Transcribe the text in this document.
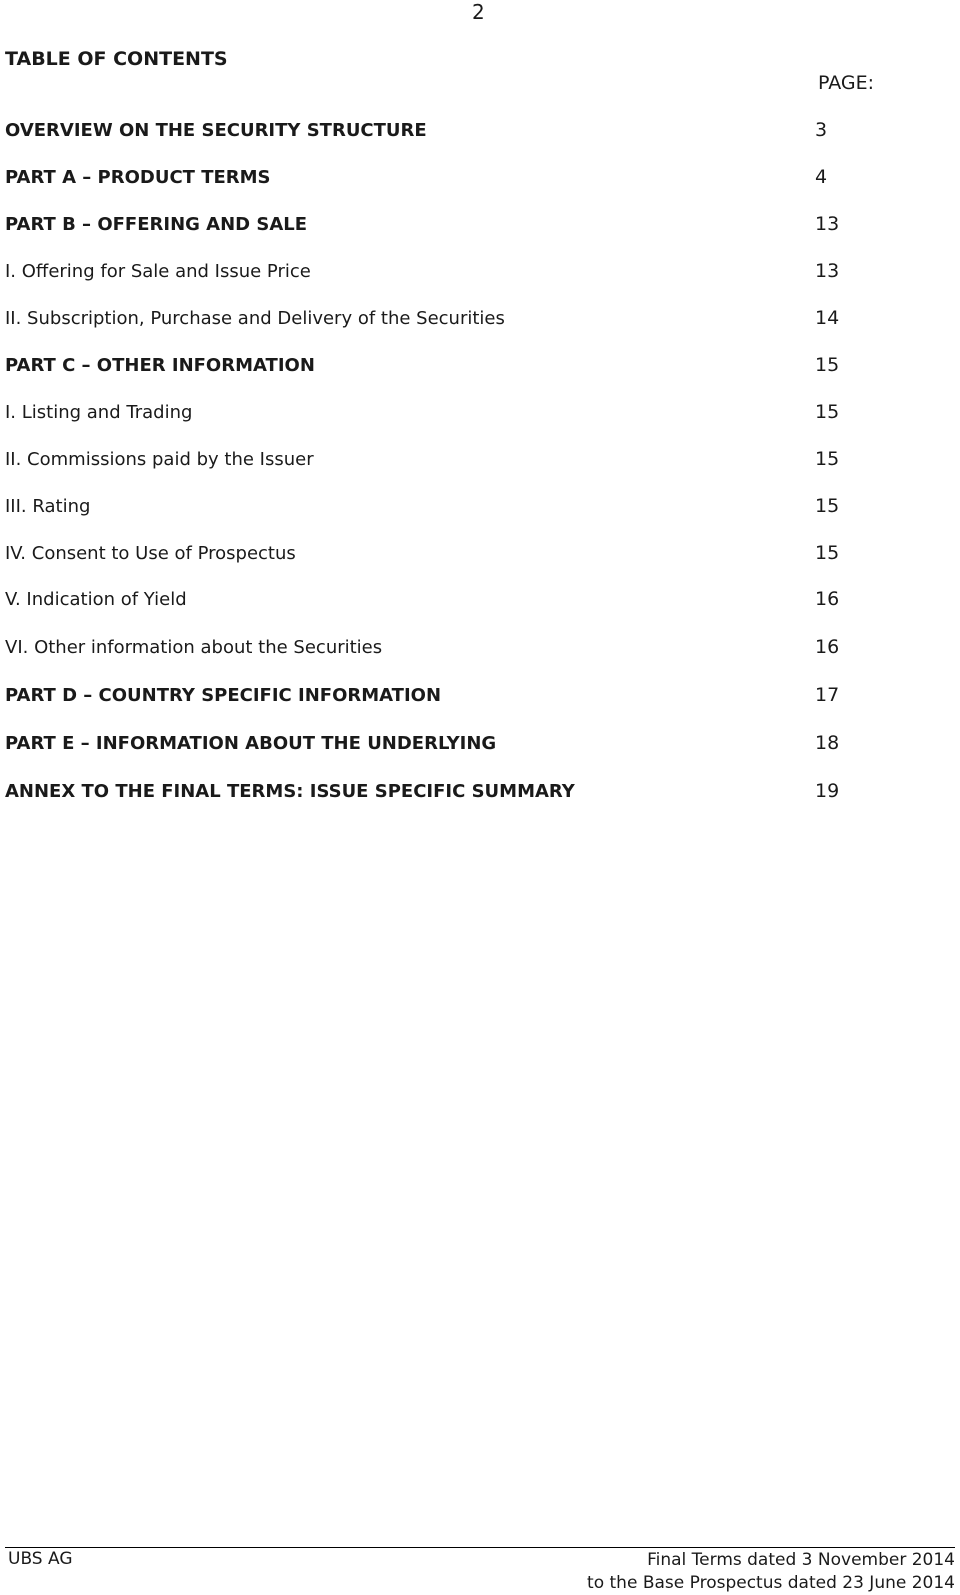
2
TABLE OF CONTENTS
PAGE:
OVERVIEW ON THE SECURITY STRUCTURE	3
PART A – PRODUCT TERMS	4
PART B – OFFERING AND SALE	13
I. Offering for Sale and Issue Price	13
II. Subscription, Purchase and Delivery of the Securities	14
PART C – OTHER INFORMATION	15
I. Listing and Trading	15
II. Commissions paid by the Issuer	15
III. Rating	15
IV. Consent to Use of Prospectus	15
V. Indication of Yield	16
VI. Other information about the Securities	16
PART D – COUNTRY SPECIFIC INFORMATION	17
PART E – INFORMATION ABOUT THE UNDERLYING	18
ANNEX TO THE FINAL TERMS: ISSUE SPECIFIC SUMMARY	19
UBS AG	Final Terms dated 3 November 2014
to the Base Prospectus dated 23 June 2014
